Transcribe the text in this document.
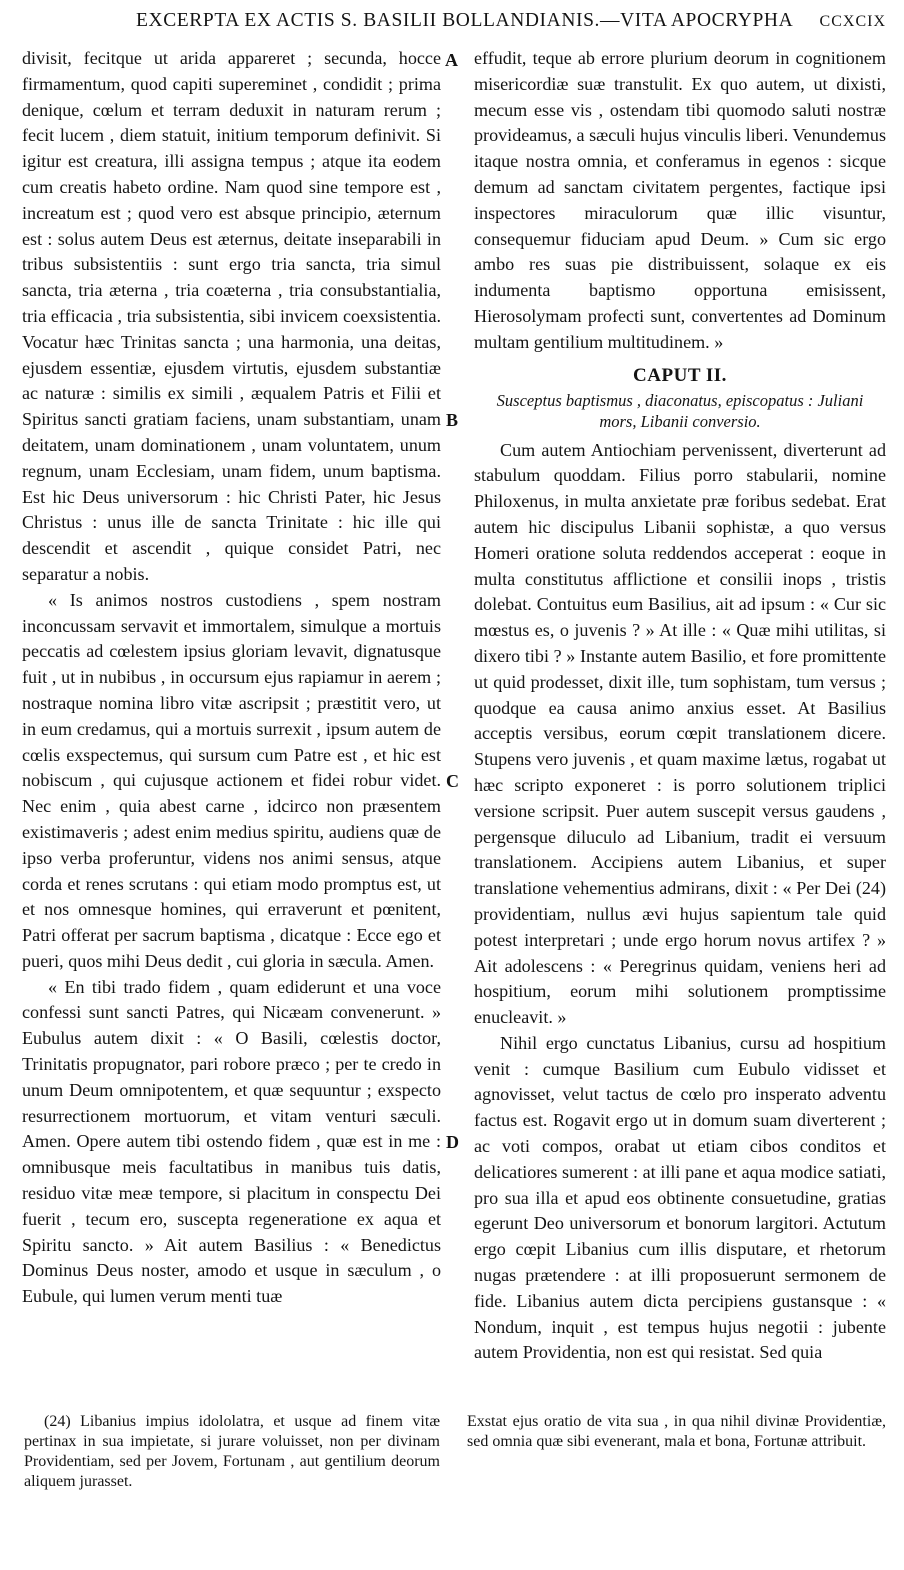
EXCERPTA EX ACTIS S. BASILII BOLLANDIANIS.—VITA APOCRYPHA CCXCIX
A
B
C
D

divisit, fecitque ut arida appareret ; secunda, hocce firmamentum, quod capiti supereminet , condidit ; prima denique, cœlum et terram deduxit in naturam rerum ; fecit lucem , diem statuit, initium temporum definivit. Si igitur est creatura, illi assigna tempus ; atque ita eodem cum creatis habeto ordine. Nam quod sine tempore est , increatum est ; quod vero est absque principio, æternum est : solus autem Deus est æternus, deitate inseparabili in tribus subsistentiis : sunt ergo tria sancta, tria simul sancta, tria æterna , tria coæterna , tria consubstantialia, tria efficacia , tria subsistentia, sibi invicem coexsistentia. Vocatur hæc Trinitas sancta ; una harmonia, una deitas, ejusdem essentiæ, ejusdem virtutis, ejusdem substantiæ ac naturæ : similis ex simili , æqualem Patris et Filii et Spiritus sancti gratiam faciens, unam substantiam, unam deitatem, unam dominationem , unam voluntatem, unum regnum, unam Ecclesiam, unam fidem, unum baptisma. Est hic Deus universorum : hic Christi Pater, hic Jesus Christus : unus ille de sancta Trinitate : hic ille qui descendit et ascendit , quique considet Patri, nec separatur a nobis.

« Is animos nostros custodiens , spem nostram inconcussam servavit et immortalem, simulque a mortuis peccatis ad cœlestem ipsius gloriam levavit, dignatusque fuit , ut in nubibus , in occursum ejus rapiamur in aerem ; nostraque nomina libro vitæ ascripsit ; præstitit vero, ut in eum credamus, qui a mortuis surrexit , ipsum autem de cœlis exspectemus, qui sursum cum Patre est , et hic est nobiscum , qui cujusque actionem et fidei robur videt. Nec enim , quia abest carne , idcirco non præsentem existimaveris ; adest enim medius spiritu, audiens quæ de ipso verba proferuntur, videns nos animi sensus, atque corda et renes scrutans : qui etiam modo promptus est, ut et nos omnesque homines, qui erraverunt et pœnitent, Patri offerat per sacrum baptisma , dicatque : Ecce ego et pueri, quos mihi Deus dedit , cui gloria in sæcula. Amen.

« En tibi trado fidem , quam ediderunt et una voce confessi sunt sancti Patres, qui Nicæam convenerunt. » Eubulus autem dixit : « O Basili, cœlestis doctor, Trinitatis propugnator, pari robore præco ; per te credo in unum Deum omnipotentem, et quæ sequuntur ; exspecto resurrectionem mortuorum, et vitam venturi sæculi. Amen. Opere autem tibi ostendo fidem , quæ est in me : omnibusque meis facultatibus in manibus tuis datis, residuo vitæ meæ tempore, si placitum in conspectu Dei fuerit , tecum ero, suscepta regeneratione ex aqua et Spiritu sancto. » Ait autem Basilius : « Benedictus Dominus Deus noster, amodo et usque in sæculum , o Eubule, qui lumen verum menti tuæ

effudit, teque ab errore plurium deorum in cognitionem misericordiæ suæ transtulit. Ex quo autem, ut dixisti, mecum esse vis , ostendam tibi quomodo saluti nostræ provideamus, a sæculi hujus vinculis liberi. Venundemus itaque nostra omnia, et conferamus in egenos : sicque demum ad sanctam civitatem pergentes, factique ipsi inspectores miraculorum quæ illic visuntur, consequemur fiduciam apud Deum. » Cum sic ergo ambo res suas pie distribuissent, solaque ex eis indumenta baptismo opportuna emisissent, Hierosolymam profecti sunt, convertentes ad Dominum multam gentilium multitudinem. »

CAPUT II.
Susceptus baptismus , diaconatus, episcopatus : Juliani mors, Libanii conversio.

Cum autem Antiochiam pervenissent, diverterunt ad stabulum quoddam. Filius porro stabularii, nomine Philoxenus, in multa anxietate præ foribus sedebat. Erat autem hic discipulus Libanii sophistæ, a quo versus Homeri oratione soluta reddendos acceperat : eoque in multa constitutus afflictione et consilii inops , tristis dolebat. Contuitus eum Basilius, ait ad ipsum : « Cur sic mœstus es, o juvenis ? » At ille : « Quæ mihi utilitas, si dixero tibi ? » Instante autem Basilio, et fore promittente ut quid prodesset, dixit ille, tum sophistam, tum versus ; quodque ea causa animo anxius esset. At Basilius acceptis versibus, eorum cœpit translationem dicere. Stupens vero juvenis , et quam maxime lætus, rogabat ut hæc scripto exponeret : is porro solutionem triplici versione scripsit. Puer autem suscepit versus gaudens , pergensque diluculo ad Libanium, tradit ei versuum translationem. Accipiens autem Libanius, et super translatione vehementius admirans, dixit : « Per Dei (24) providentiam, nullus ævi hujus sapientum tale quid potest interpretari ; unde ergo horum novus artifex ? » Ait adolescens : « Peregrinus quidam, veniens heri ad hospitium, eorum mihi solutionem promptissime enucleavit. »

Nihil ergo cunctatus Libanius, cursu ad hospitium venit : cumque Basilium cum Eubulo vidisset et agnovisset, velut tactus de cœlo pro insperato adventu factus est. Rogavit ergo ut in domum suam diverterent ; ac voti compos, orabat ut etiam cibos conditos et delicatiores sumerent : at illi pane et aqua modice satiati, pro sua illa et apud eos obtinente consuetudine, gratias egerunt Deo universorum et bonorum largitori. Actutum ergo cœpit Libanius cum illis disputare, et rhetorum nugas prætendere : at illi proposuerunt sermonem de fide. Libanius autem dicta percipiens gustansque : « Nondum, inquit , est tempus hujus negotii : jubente autem Providentia, non est qui resistat. Sed quia

(24) Libanius impius idololatra, et usque ad finem vitæ pertinax in sua impietate, si jurare voluisset, non per divinam Providentiam, sed per Jovem, Fortunam , aut gentilium deorum aliquem jurasset.
Exstat ejus oratio de vita sua , in qua nihil divinæ Providentiæ, sed omnia quæ sibi evenerant, mala et bona, Fortunæ attribuit.
